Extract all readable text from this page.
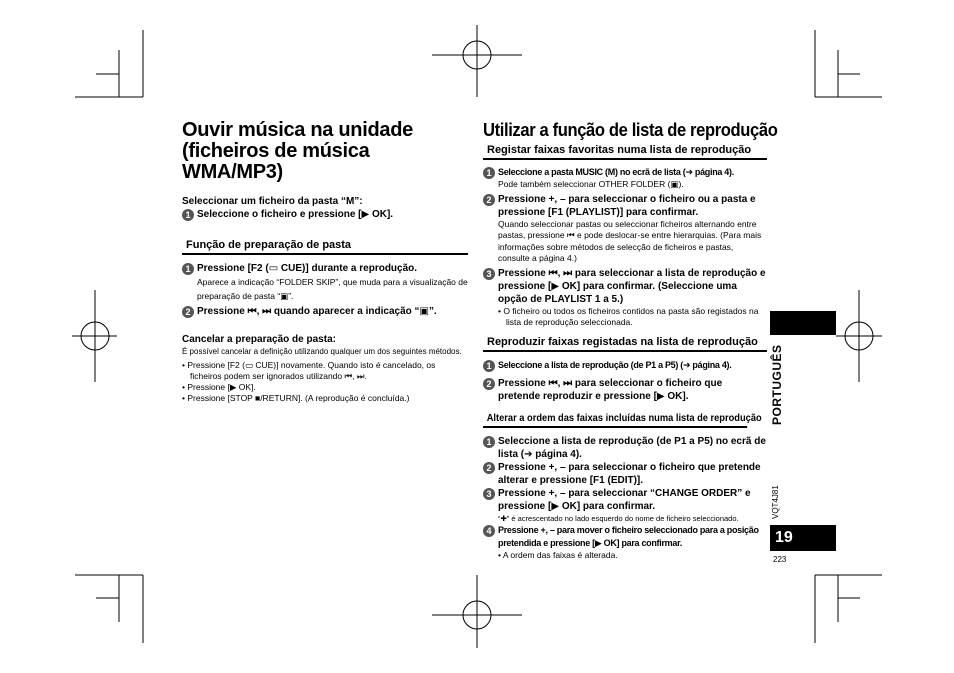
Ouvir música na unidade

(ficheiros de música WMA/MP3)

Seleccionar um ficheiro da pasta “M”:

1 Seleccione o ficheiro e pressione [▶ OK].

Função de preparação de pasta

1 Pressione [F2 (▭ CUE)] durante a reprodução.

Aparece a indicação “FOLDER SKIP”, que muda para a visualização de preparação de pasta “▣”.

2 Pressione ⏮, ⏭ quando aparecer a indicação “▣”.

Cancelar a preparação de pasta:

É possível cancelar a definição utilizando qualquer um dos seguintes métodos.

• Pressione [F2 (▭ CUE)] novamente. Quando isto é cancelado, os ficheiros podem ser ignorados utilizando ⏮, ⏭.

• Pressione [▶ OK].

• Pressione [STOP ■/RETURN]. (A reprodução é concluída.)

Utilizar a função de lista de reprodução

Registar faixas favoritas numa lista de reprodução

1 Seleccione a pasta MUSIC (M) no ecrã de lista (➔ página 4).

Pode também seleccionar OTHER FOLDER (▣).

2 Pressione +, – para seleccionar o ficheiro ou a pasta e pressione [F1 (PLAYLIST)] para confirmar.

Quando seleccionar pastas ou seleccionar ficheiros alternando entre pastas, pressione ⏮ e pode deslocar-se entre hierarquias. (Para mais informações sobre métodos de selecção de ficheiros e pastas, consulte a página 4.)

3 Pressione ⏮, ⏭ para seleccionar a lista de reprodução e pressione [▶ OK] para confirmar. (Seleccione uma opção de PLAYLIST 1 a 5.)

• O ficheiro ou todos os ficheiros contidos na pasta são registados na lista de reprodução seleccionada.

Reproduzir faixas registadas na lista de reprodução

1 Seleccione a lista de reprodução (de P1 a P5) (➔ página 4).

2 Pressione ⏮, ⏭ para seleccionar o ficheiro que pretende reproduzir e pressione [▶ OK].

Alterar a ordem das faixas incluídas numa lista de reprodução

1 Seleccione a lista de reprodução (de P1 a P5) no ecrã de lista (➔ página 4).

2 Pressione +, – para seleccionar o ficheiro que pretende alterar e pressione [F1 (EDIT)].

3 Pressione +, – para seleccionar “CHANGE ORDER” e pressione [▶ OK] para confirmar.

“✚” é acrescentado no lado esquerdo do nome de ficheiro seleccionado.

4 Pressione +, – para mover o ficheiro seleccionado para a posição pretendida e pressione [▶ OK] para confirmar.

• A ordem das faixas é alterada.

PORTUGUÊS
VQT4J81
19
223
